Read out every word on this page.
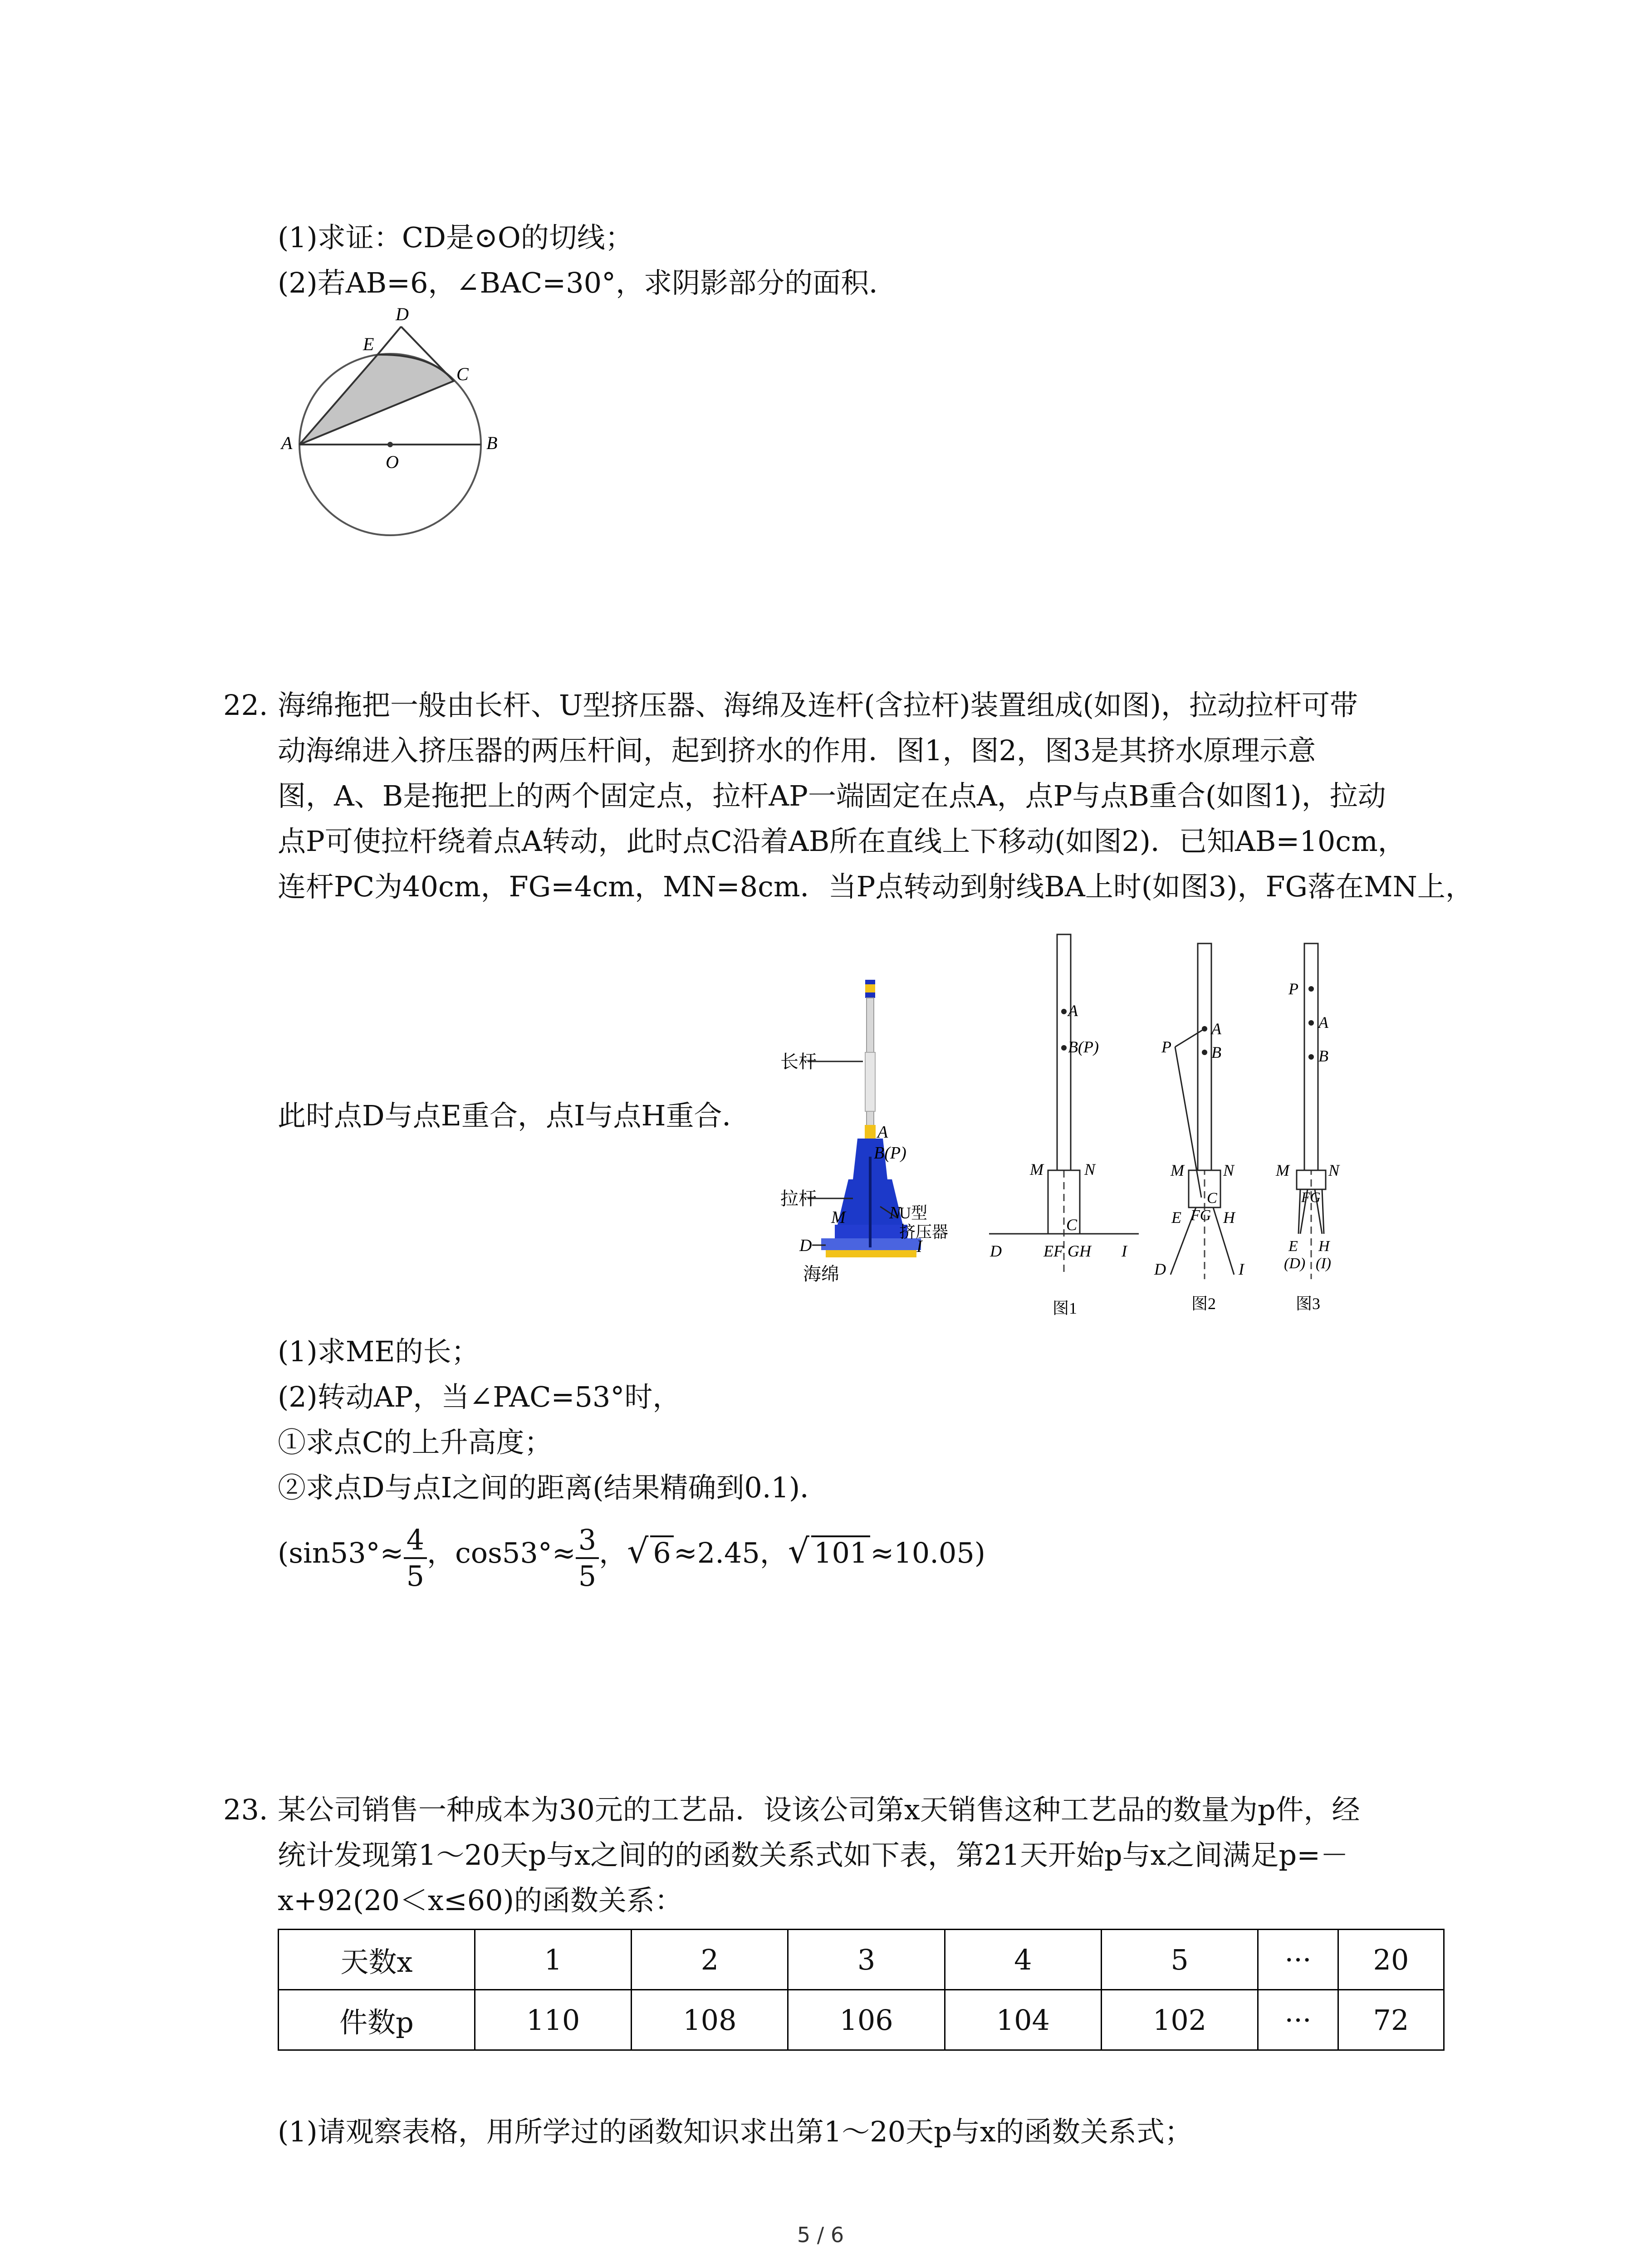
(1)求证：CD是⊙O的切线；
(2)若AB=6，∠BAC=30°，求阴影部分的面积．
D
E
C
A
O
B
22. 海绵拖把一般由长杆、U型挤压器、海绵及连杆(含拉杆)装置组成(如图)，拉动拉杆可带
动海绵进入挤压器的两压杆间，起到挤水的作用．图1，图2，图3是其挤水原理示意
图，A、B是拖把上的两个固定点，拉杆AP一端固定在点A，点P与点B重合(如图1)，拉动
点P可使拉杆绕着点A转动，此时点C沿着AB所在直线上下移动(如图2)．已知AB=10cm，
连杆PC为40cm，FG=4cm，MN=8cm．当P点转动到射线BA上时(如图3)，FG落在MN上，
此时点D与点E重合，点I与点H重合．
长杆
A
B(P)
拉杆
M	N
U型
挤压器
D	I
海绵
A
B(P)
M	N
C
D	EF GH I
图1
P
A
B
M N
C
E FG H
D	I
图2
P
A
B
M N
FG
E
(D)
H
(I)
图3
(1)求ME的长；
(2)转动AP，当∠PAC=53°时，
①求点C的上升高度；
②求点D与点I之间的距离(结果精确到0.1)．
($\sin 53^\circ\approx \frac{4}{5}$ ，$\cos 53^\circ\approx \frac{3}{5}$ ，√ 6≈2.45，√ 101≈10.05)
23. 某公司销售一种成本为30元的工艺品．设该公司第x天销售这种工艺品的数量为p件，经
统计发现第1～20天p与x之间的的函数关系式如下表，第21天开始p与x之间满足p=－
x+92(20＜x≤60)的函数关系：
天数x	1	2	3	4	5	···	20
件数p	110	108	106	104	102	···	72
(1)请观察表格，用所学过的函数知识求出第1～20天p与x的函数关系式；
5 / 6
